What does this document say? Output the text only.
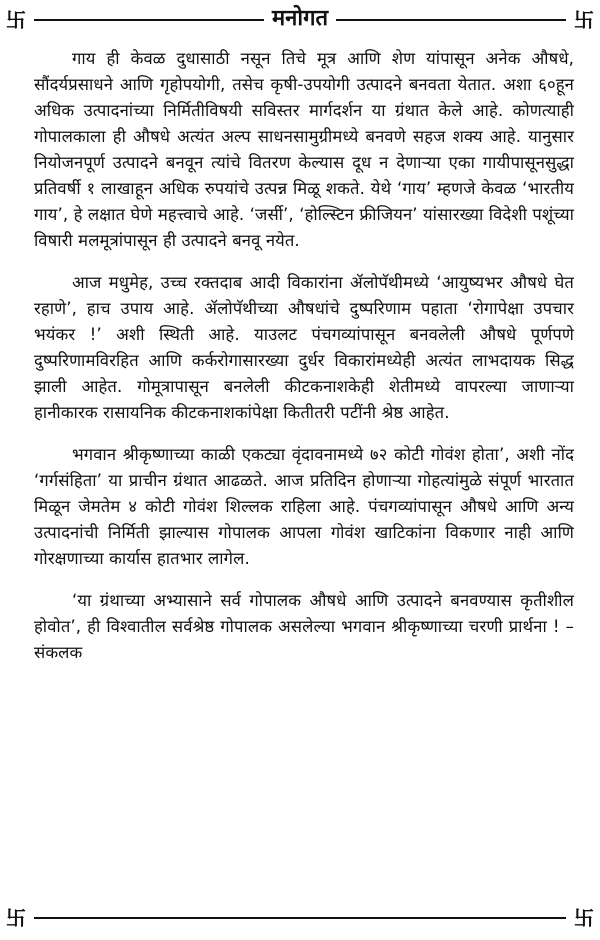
卐	मनोगत	卐

गाय ही केवळ दुधासाठी नसून तिचे मूत्र आणि शेण यांपासून अनेक औषधे, सौंदर्यप्रसाधने आणि गृहोपयोगी, तसेच कृषी-उपयोगी उत्पादने बनवता येतात. अशा ६०हून अधिक उत्पादनांच्या निर्मितीविषयी सविस्तर मार्गदर्शन या ग्रंथात केले आहे. कोणत्याही गोपालकाला ही औषधे अत्यंत अल्प साधनसामुग्रीमध्ये बनवणे सहज शक्य आहे. यानुसार नियोजनपूर्ण उत्पादने बनवून त्यांचे वितरण केल्यास दूध न देणाऱ्या एका गायीपासूनसुद्धा प्रतिवर्षी १ लाखाहून अधिक रुपयांचे उत्पन्न मिळू शकते. येथे ‘गाय’ म्हणजे केवळ ‘भारतीय गाय’, हे लक्षात घेणे महत्त्वाचे आहे. ‘जर्सी’, ‘होल्स्टिन फ्रीजियन’ यांसारख्या विदेशी पशूंच्या विषारी मलमूत्रांपासून ही उत्पादने बनवू नयेत.

आज मधुमेह, उच्च रक्तदाब आदी विकारांना ॲलोपॅथीमध्ये ‘आयुष्यभर औषधे घेत रहाणे’, हाच उपाय आहे. ॲलोपॅथीच्या औषधांचे दुष्परिणाम पहाता ‘रोगापेक्षा उपचार भयंकर !’ अशी स्थिती आहे. याउलट पंचगव्यांपासून बनवलेली औषधे पूर्णपणे दुष्परिणामविरहित आणि कर्करोगासारख्या दुर्धर विकारांमध्येही अत्यंत लाभदायक सिद्ध झाली आहेत. गोमूत्रापासून बनलेली कीटकनाशकेही शेतीमध्ये वापरल्या जाणाऱ्या हानीकारक रासायनिक कीटकनाशकांपेक्षा कितीतरी पटींनी श्रेष्ठ आहेत.

भगवान श्रीकृष्णाच्या काळी एकट्या वृंदावनामध्ये ७२ कोटी गोवंश होता’, अशी नोंद ‘गर्गसंहिता’ या प्राचीन ग्रंथात आढळते. आज प्रतिदिन होणाऱ्या गोहत्यांमुळे संपूर्ण भारतात मिळून जेमतेम ४ कोटी गोवंश शिल्लक राहिला आहे. पंचगव्यांपासून औषधे आणि अन्य उत्पादनांची निर्मिती झाल्यास गोपालक आपला गोवंश खाटिकांना विकणार नाही आणि गोरक्षणाच्या कार्यास हातभार लागेल.

‘या ग्रंथाच्या अभ्यासाने सर्व गोपालक औषधे आणि उत्पादने बनवण्यास कृतीशील होवोत’, ही विश्वातील सर्वश्रेष्ठ गोपालक असलेल्या भगवान श्रीकृष्णाच्या चरणी प्रार्थना ! – संकलक

卐	卐
